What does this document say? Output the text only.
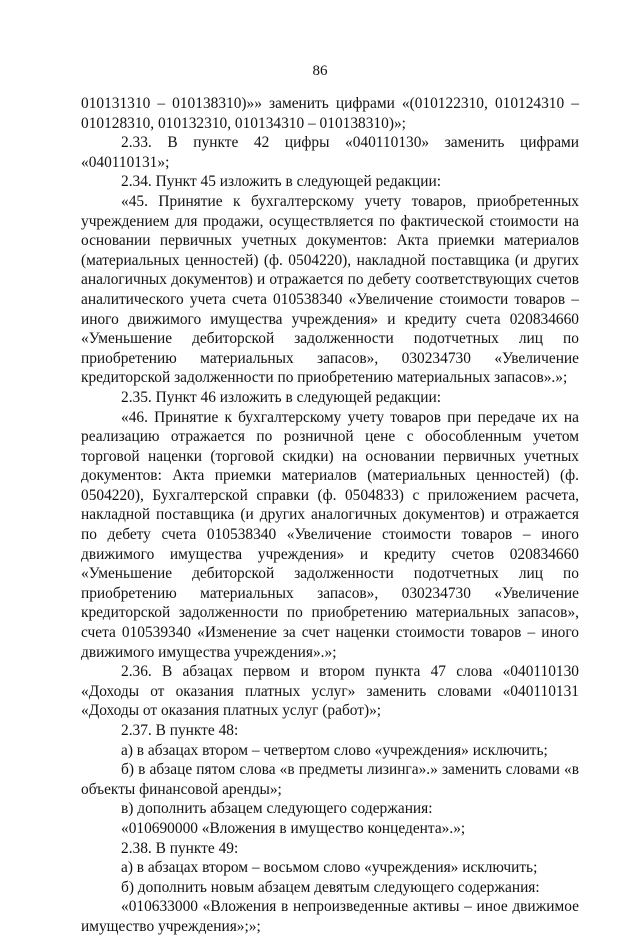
86

010131310 – 010138310)»» заменить цифрами «(010122310, 010124310 – 010128310, 010132310, 010134310 – 010138310)»;

2.33. В пункте 42 цифры «040110130» заменить цифрами «040110131»;

2.34. Пункт 45 изложить в следующей редакции:

«45. Принятие к бухгалтерскому учету товаров, приобретенных учреждением для продажи, осуществляется по фактической стоимости на основании первичных учетных документов: Акта приемки материалов (материальных ценностей) (ф. 0504220), накладной поставщика (и других аналогичных документов) и отражается по дебету соответствующих счетов аналитического учета счета 010538340 «Увеличение стоимости товаров – иного движимого имущества учреждения» и кредиту счета 020834660 «Уменьшение дебиторской задолженности подотчетных лиц по приобретению материальных запасов», 030234730 «Увеличение кредиторской задолженности по приобретению материальных запасов».»;

2.35. Пункт 46 изложить в следующей редакции:

«46. Принятие к бухгалтерскому учету товаров при передаче их на реализацию отражается по розничной цене с обособленным учетом торговой наценки (торговой скидки) на основании первичных учетных документов: Акта приемки материалов (материальных ценностей) (ф. 0504220), Бухгалтерской справки (ф. 0504833) с приложением расчета, накладной поставщика (и других аналогичных документов) и отражается по дебету счета 010538340 «Увеличение стоимости товаров – иного движимого имущества учреждения» и кредиту счетов 020834660 «Уменьшение дебиторской задолженности подотчетных лиц по приобретению материальных запасов», 030234730 «Увеличение кредиторской задолженности по приобретению материальных запасов», счета 010539340 «Изменение за счет наценки стоимости товаров – иного движимого имущества учреждения».»;

2.36. В абзацах первом и втором пункта 47 слова «040110130 «Доходы от оказания платных услуг» заменить словами «040110131 «Доходы от оказания платных услуг (работ)»;

2.37. В пункте 48:

а) в абзацах втором – четвертом слово «учреждения» исключить;

б) в абзаце пятом слова «в предметы лизинга».» заменить словами «в объекты финансовой аренды»;

в) дополнить абзацем следующего содержания:

«010690000 «Вложения в имущество концедента».»;

2.38. В пункте 49:

а) в абзацах втором – восьмом слово «учреждения» исключить;

б) дополнить новым абзацем девятым следующего содержания:

«010633000 «Вложения в непроизведенные активы – иное движимое имущество учреждения»;»;
